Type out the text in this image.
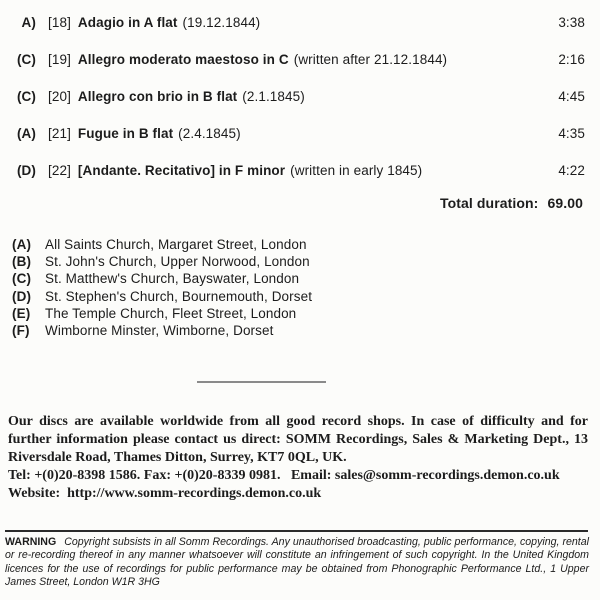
A) [18] Adagio in A flat (19.12.1844)	3:38
(C) [19] Allegro moderato maestoso in C (written after 21.12.1844)	2:16
(C) [20] Allegro con brio in B flat (2.1.1845)	4:45
(A) [21] Fugue in B flat (2.4.1845)	4:35
(D) [22] [Andante. Recitativo] in F minor (written in early 1845)	4:22
Total duration: 69.00
(A)	All Saints Church, Margaret Street, London
(B)	St. John's Church, Upper Norwood, London
(C)	St. Matthew's Church, Bayswater, London
(D)	St. Stephen's Church, Bournemouth, Dorset
(E)	The Temple Church, Fleet Street, London
(F)	Wimborne Minster, Wimborne, Dorset
Our discs are available worldwide from all good record shops. In case of difficulty and for further information please contact us direct: SOMM Recordings, Sales & Marketing Dept., 13 Riversdale Road, Thames Ditton, Surrey, KT7 0QL, UK.
Tel: +(0)20-8398 1586. Fax: +(0)20-8339 0981.   Email: sales@somm-recordings.demon.co.uk
Website:  http://www.somm-recordings.demon.co.uk
WARNING Copyright subsists in all Somm Recordings. Any unauthorised broadcasting, public performance, copying, rental or re-recording thereof in any manner whatsoever will constitute an infringement of such copyright. In the United Kingdom licences for the use of recordings for public performance may be obtained from Phonographic Performance Ltd., 1 Upper James Street, London W1R 3HG
